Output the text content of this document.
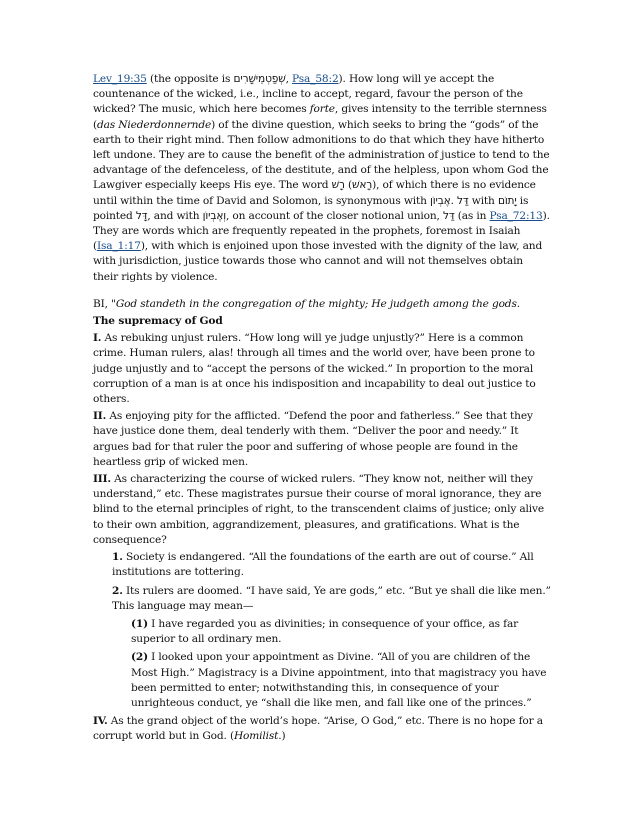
Lev_19:35 (the opposite is שְׁפַטְמֵישָׁרִים, Psa_58:2). How long will ye accept the countenance of the wicked, i.e., incline to accept, regard, favour the person of the wicked? The music, which here becomes forte, gives intensity to the terrible sternness (das Niederdonnernde) of the divine question, which seeks to bring the “gods” of the earth to their right mind. Then follow admonitions to do that which they have hitherto left undone. They are to cause the benefit of the administration of justice to tend to the advantage of the defenceless, of the destitute, and of the helpless, upon whom God the Lawgiver especially keeps His eye. The word רָשׁ (רָאשׁ), of which there is no evidence until within the time of David and Solomon, is synonymous with אֶבְיוֹן. דַּל with יָתוֹם is pointed דָּל, and with וְאֶבְיוֹן, on account of the closer notional union, דַּל (as in Psa_72:13). They are words which are frequently repeated in the prophets, foremost in Isaiah (Isa_1:17), with which is enjoined upon those invested with the dignity of the law, and with jurisdiction, justice towards those who cannot and will not themselves obtain their rights by violence.

BI, "God standeth in the congregation of the mighty; He judgeth among the gods.

The supremacy of God

I. As rebuking unjust rulers. “How long will ye judge unjustly?” Here is a common crime. Human rulers, alas! through all times and the world over, have been prone to judge unjustly and to “accept the persons of the wicked.” In proportion to the moral corruption of a man is at once his indisposition and incapability to deal out justice to others.

II. As enjoying pity for the afflicted. “Defend the poor and fatherless.” See that they have justice done them, deal tenderly with them. “Deliver the poor and needy.” It argues bad for that ruler the poor and suffering of whose people are found in the heartless grip of wicked men.

III. As characterizing the course of wicked rulers. “They know not, neither will they understand,” etc. These magistrates pursue their course of moral ignorance, they are blind to the eternal principles of right, to the transcendent claims of justice; only alive to their own ambition, aggrandizement, pleasures, and gratifications. What is the consequence?

1. Society is endangered. “All the foundations of the earth are out of course.” All institutions are tottering.

2. Its rulers are doomed. “I have said, Ye are gods,” etc. “But ye shall die like men.” This language may mean—

(1) I have regarded you as divinities; in consequence of your office, as far superior to all ordinary men.

(2) I looked upon your appointment as Divine. “All of you are children of the Most High.” Magistracy is a Divine appointment, into that magistracy you have been permitted to enter; notwithstanding this, in consequence of your unrighteous conduct, ye “shall die like men, and fall like one of the princes.”

IV. As the grand object of the world’s hope. “Arise, O God,” etc. There is no hope for a corrupt world but in God. (Homilist.)
